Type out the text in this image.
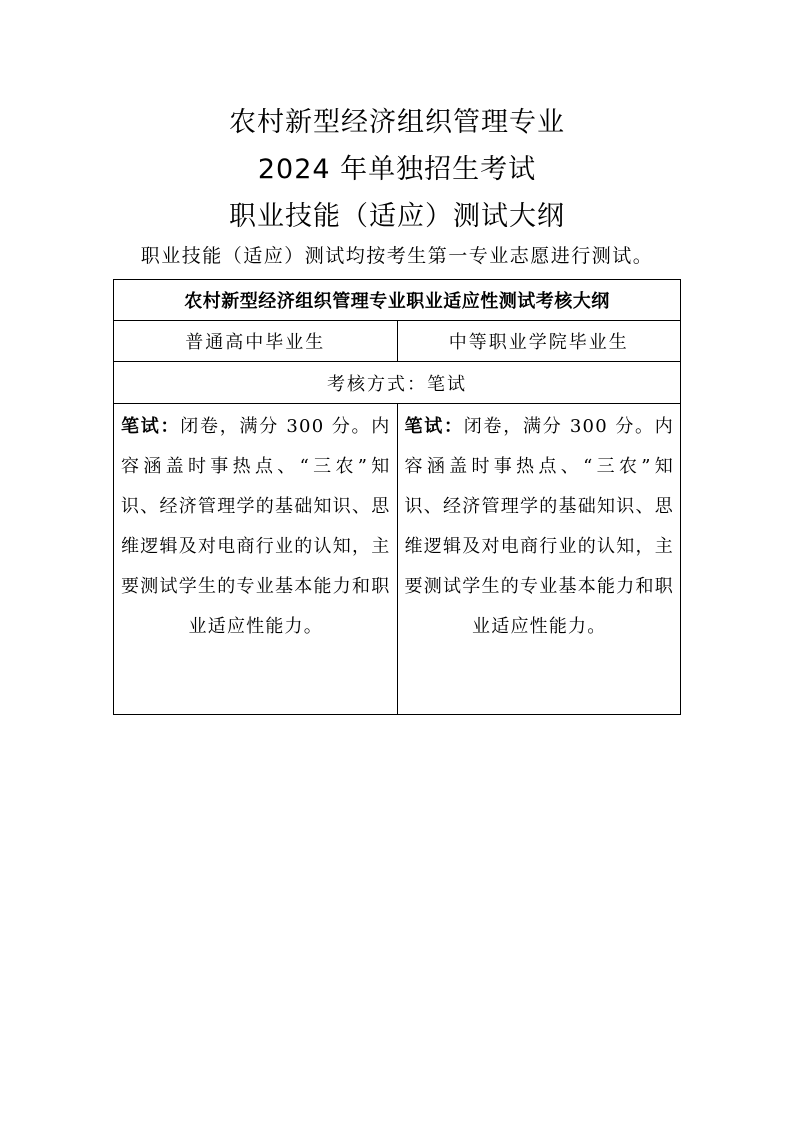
农村新型经济组织管理专业
2024 年单独招生考试
职业技能（适应）测试大纲
职业技能（适应）测试均按考生第一专业志愿进行测试。
农村新型经济组织管理专业职业适应性测试考核大纲	
普通高中毕业生	中等职业学院毕业生
考核方式：笔试	
笔试：闭卷，满分 300 分。内容涵盖时事热点、“三农”知识、经济管理学的基础知识、思维逻辑及对电商行业的认知，主要测试学生的专业基本能力和职业适应性能力。	笔试：闭卷，满分 300 分。内容涵盖时事热点、“三农”知识、经济管理学的基础知识、思维逻辑及对电商行业的认知，主要测试学生的专业基本能力和职业适应性能力。
